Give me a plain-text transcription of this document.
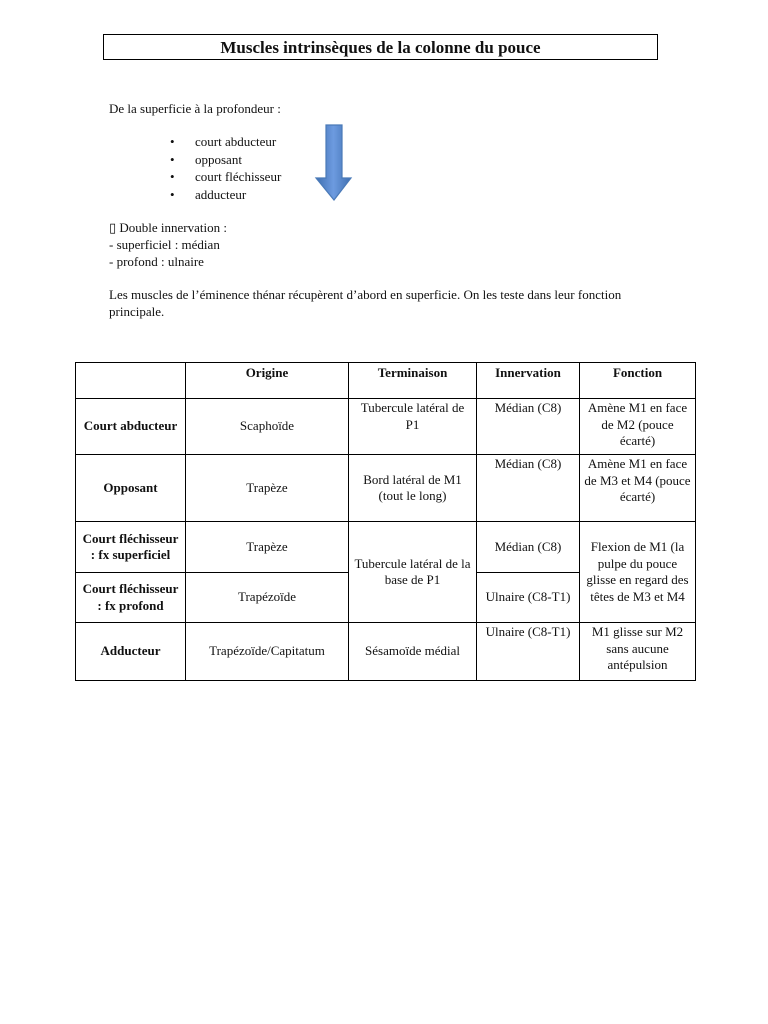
Muscles intrinsèques de la colonne du pouce
De la superficie à la profondeur :
• court abducteur
• opposant
• court fléchisseur
• adducteur
▯ Double innervation :
- superficiel : médian
- profond : ulnaire
Les muscles de l’éminence thénar récupèrent d’abord en superficie. On les teste dans leur fonction principale.
	Origine	Terminaison	Innervation	Fonction
Court abducteur	Scaphoïde	Tubercule latéral de P1	Médian (C8)	Amène M1 en face de M2 (pouce écarté)
Opposant	Trapèze	Bord latéral de M1 (tout le long)	Médian (C8)	Amène M1 en face de M3 et M4 (pouce écarté)
Court fléchisseur : fx superficiel	Trapèze	Tubercule latéral de la base de P1	Médian (C8)	Flexion de M1 (la pulpe du pouce glisse en regard des têtes de M3 et M4
Court fléchisseur : fx profond	Trapézoïde		Ulnaire (C8-T1)	
Adducteur	Trapézoïde/Capitatum	Sésamoïde médial	Ulnaire (C8-T1)	M1 glisse sur M2 sans aucune antépulsion
